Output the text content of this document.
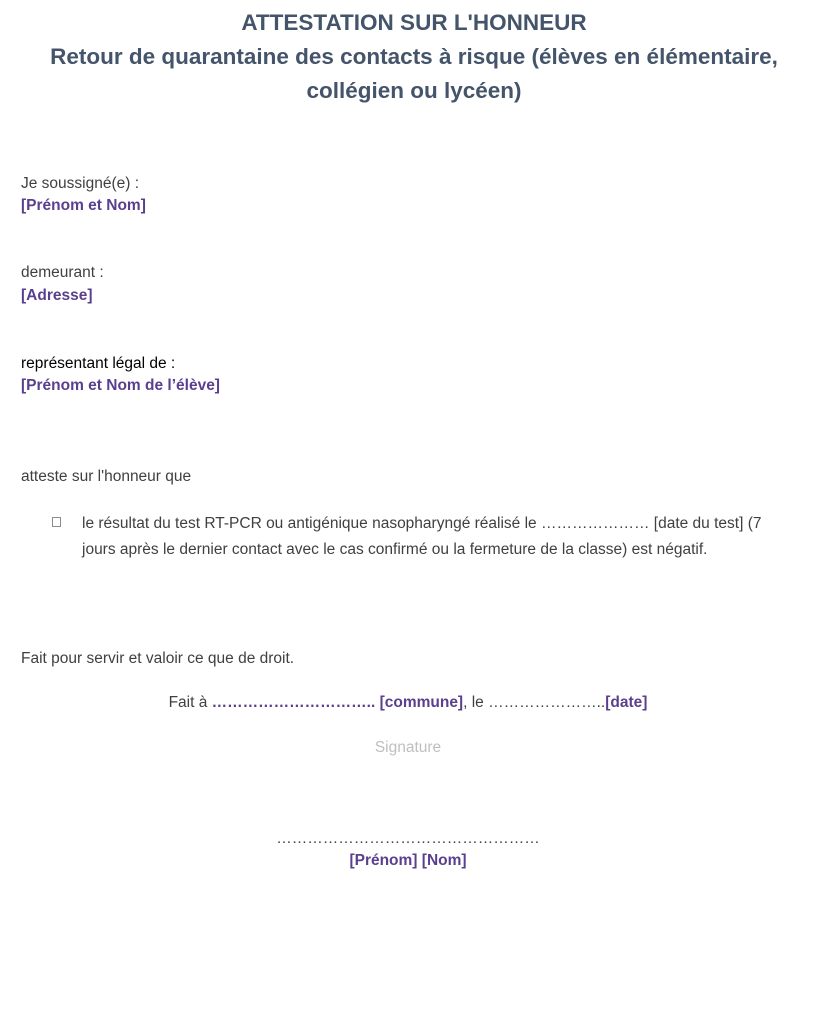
ATTESTATION SUR L'HONNEUR
Retour de quarantaine des contacts à risque (élèves en élémentaire,
collégien ou lycéen)
Je soussigné(e) :
[Prénom et Nom]
demeurant :
[Adresse]
représentant légal de :
[Prénom et Nom de l’élève]
atteste sur l'honneur que
le résultat du test RT-PCR ou antigénique nasopharyngé réalisé le ………………… [date du test] (7
jours après le dernier contact avec le cas confirmé ou la fermeture de la classe) est négatif.
Fait pour servir et valoir ce que de droit.
Fait à ………………………….. [commune], le …………………..[date]
Signature
……………………………………………
[Prénom] [Nom]
